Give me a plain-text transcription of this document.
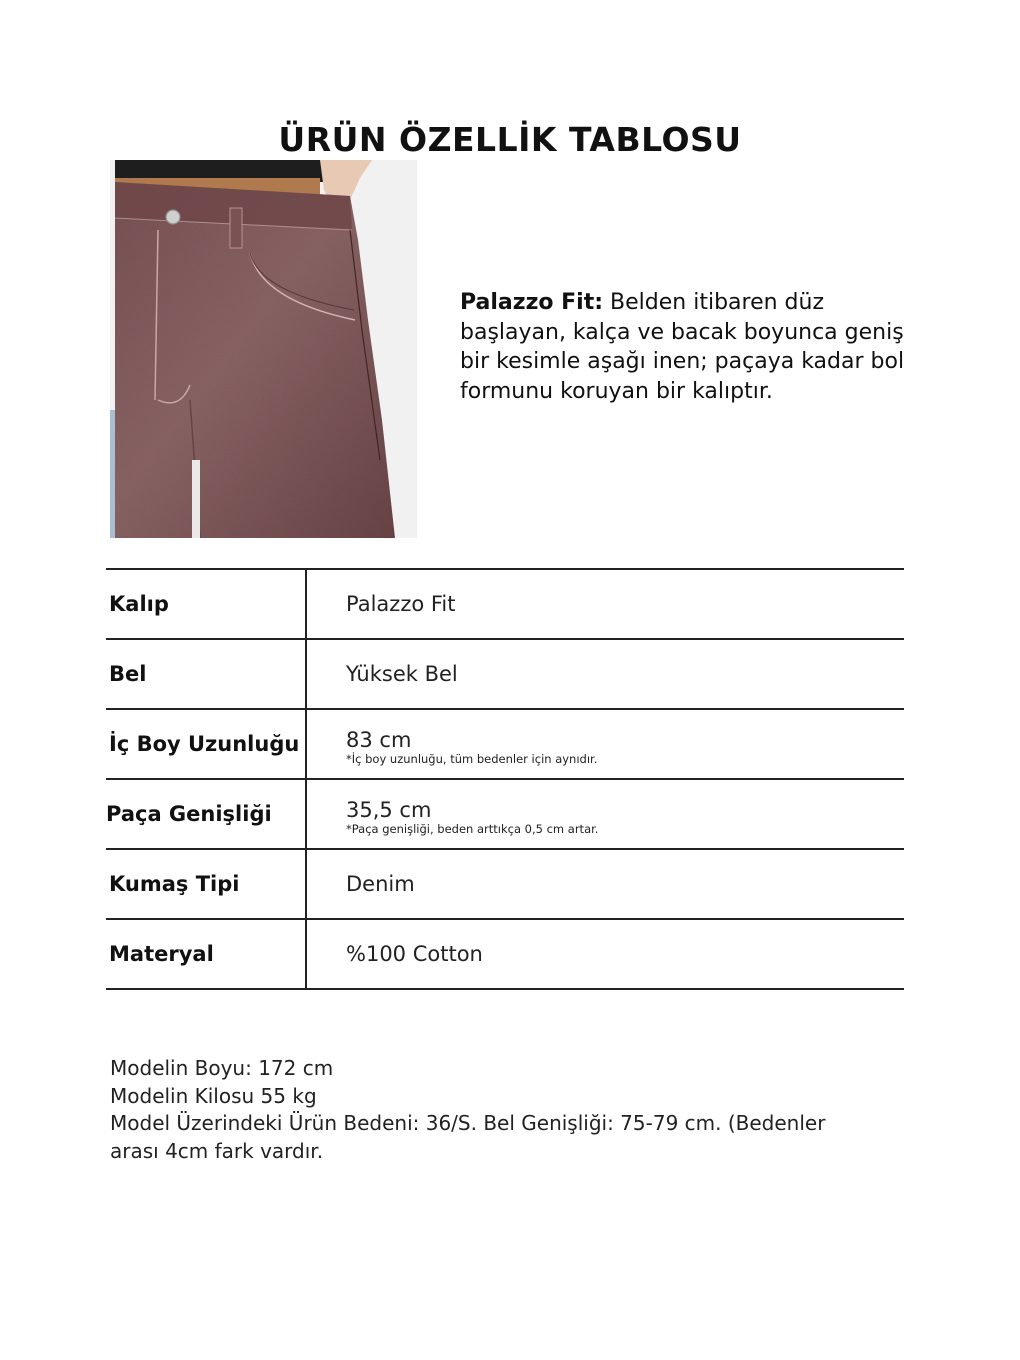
ÜRÜN ÖZELLİK TABLOSU
Palazzo Fit: Belden itibaren düz başlayan, kalça ve bacak boyunca geniş bir kesimle aşağı inen; paçaya kadar bol formunu koruyan bir kalıptır.
Kalıp	Palazzo Fit
Bel	Yüksek Bel
İç Boy Uzunluğu	83 cm
*İç boy uzunluğu, tüm bedenler için aynıdır.
Paça Genişliği	35,5 cm
*Paça genişliği, beden arttıkça 0,5 cm artar.
Kumaş Tipi	Denim
Materyal	%100 Cotton
Modelin Boyu: 172 cm
Modelin Kilosu 55 kg
Model Üzerindeki Ürün Bedeni: 36/S. Bel Genişliği: 75-79 cm. (Bedenler
arası 4cm fark vardır.
